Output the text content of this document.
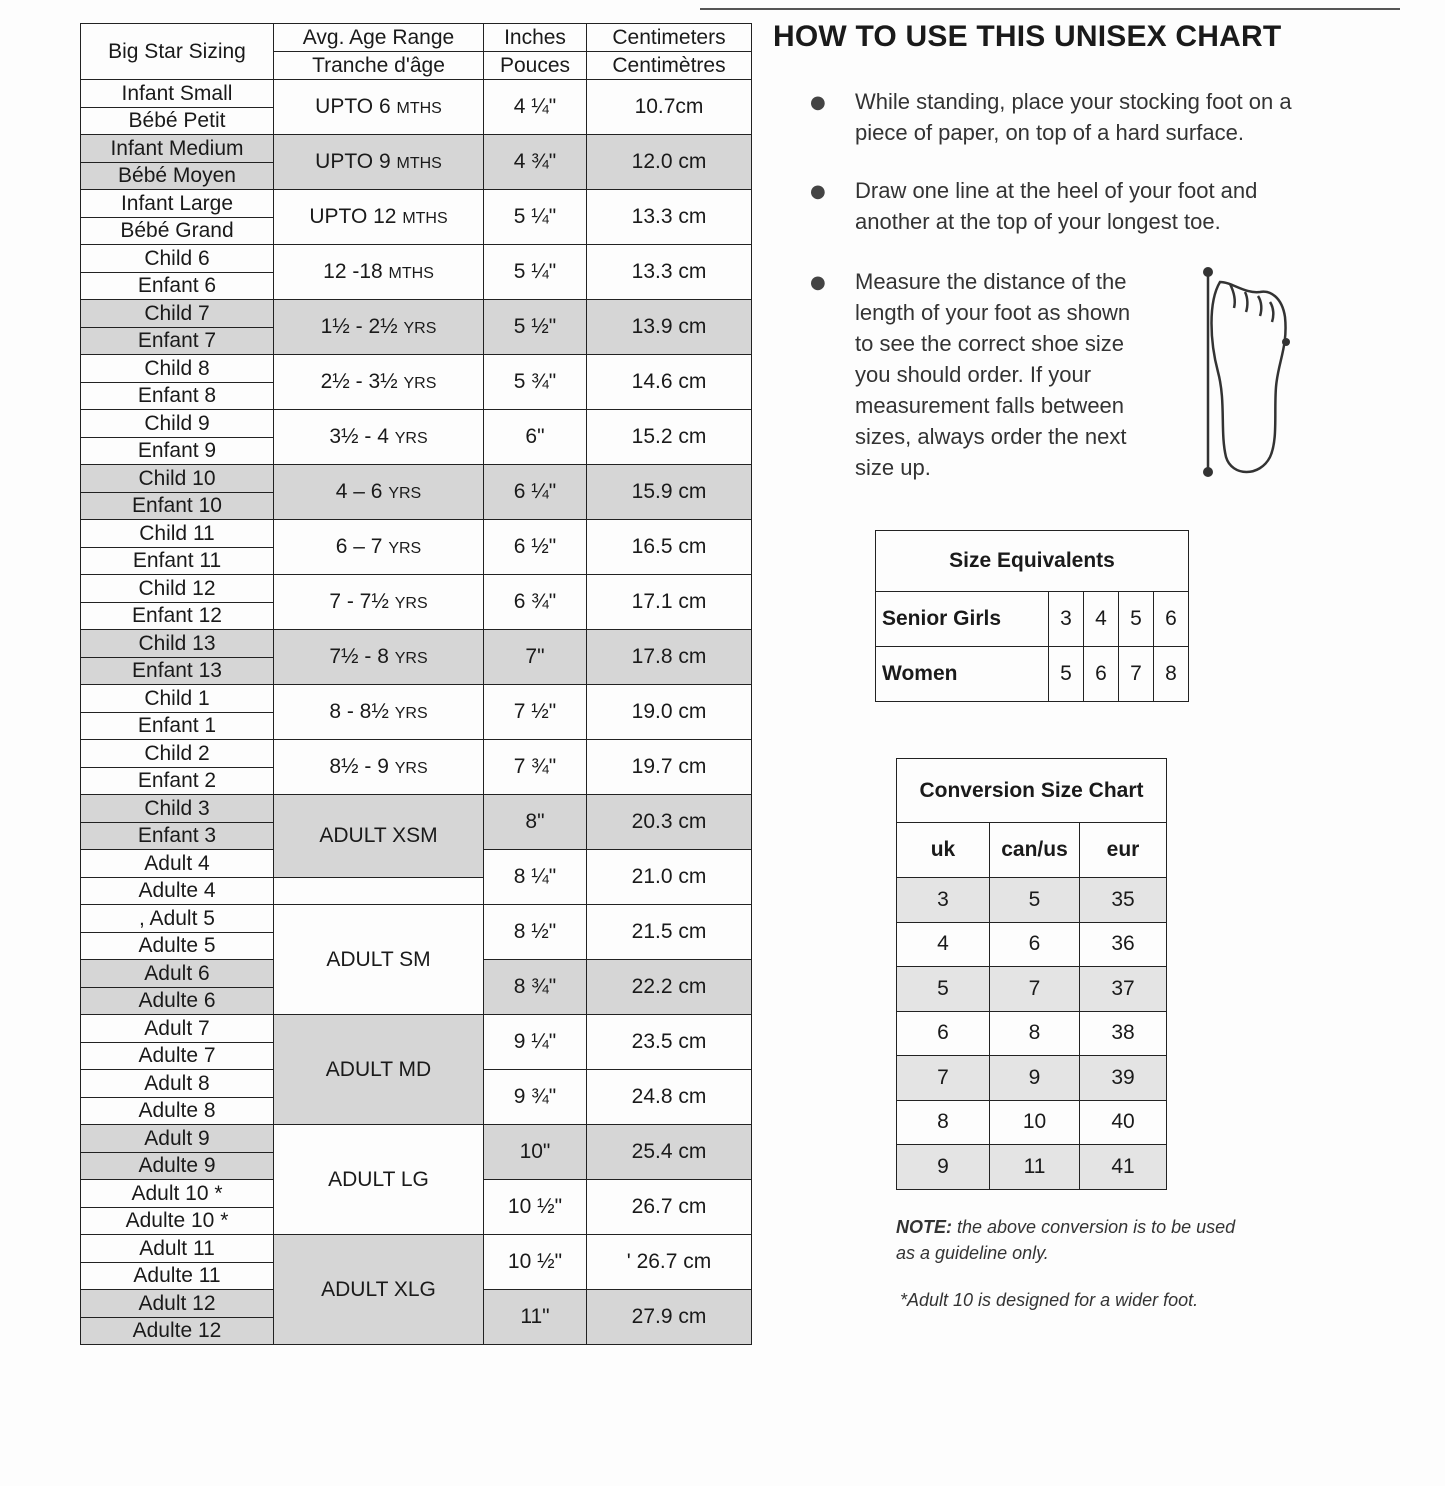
Big Star Sizing	Avg. Age Range	Inches	Centimeters
	Tranche d'âge	Pouces	Centimètres
Infant Small	UPTO 6 MTHS	4 ¼"	10.7cm
Bébé Petit			
Infant Medium	UPTO 9 MTHS	4 ¾"	12.0 cm
Bébé Moyen			
Infant Large	UPTO 12 MTHS	5 ¼"	13.3 cm
Bébé Grand			
Child 6	12 -18 MTHS	5 ¼"	13.3 cm
Enfant 6			
Child 7	1½ - 2½ YRS	5 ½"	13.9 cm
Enfant 7			
Child 8	2½ - 3½ YRS	5 ¾"	14.6 cm
Enfant 8			
Child 9	3½ - 4 YRS	6"	15.2 cm
Enfant 9			
Child 10	4 – 6 YRS	6 ¼"	15.9 cm
Enfant 10			
Child 11	6 – 7 YRS	6 ½"	16.5 cm
Enfant 11			
Child 12	7 - 7½ YRS	6 ¾"	17.1 cm
Enfant 12			
Child 13	7½ - 8 YRS	7"	17.8 cm
Enfant 13			
Child 1	8 - 8½ YRS	7 ½"	19.0 cm
Enfant 1			
Child 2	8½ - 9 YRS	7 ¾"	19.7 cm
Enfant 2			
Child 3	ADULT XSM	8"	20.3 cm
Enfant 3			
Adult 4		8 ¼"	21.0 cm
Adulte 4			
, Adult 5	ADULT SM	8 ½"	21.5 cm
Adulte 5			
Adult 6		8 ¾"	22.2 cm
Adulte 6			
Adult 7	ADULT MD	9 ¼"	23.5 cm
Adulte 7			
Adult 8		9 ¾"	24.8 cm
Adulte 8			
Adult 9	ADULT LG	10"	25.4 cm
Adulte 9			
Adult 10 *		10 ½"	26.7 cm
Adulte 10 *			
Adult 11	ADULT XLG	10 ½"	' 26.7 cm
Adulte 11			
Adult 12		11"	27.9 cm
Adulte 12			
HOW TO USE THIS UNISEX CHART
● While standing, place your stocking foot on a
piece of paper, on top of a hard surface.
● Draw one line at the heel of your foot and
another at the top of your longest toe.
● Measure the distance of the
length of your foot as shown
to see the correct shoe size
you should order. If your
measurement falls between
sizes, always order the next
size up.
Size Equivalents				
Senior Girls	3	4	5	6
Women	5	6	7	8
Conversion Size Chart		
uk	can/us	eur
3	5	35
4	6	36
5	7	37
6	8	38
7	9	39
8	10	40
9	11	41
NOTE: the above conversion is to be used
as a guideline only.
*Adult 10 is designed for a wider foot.
